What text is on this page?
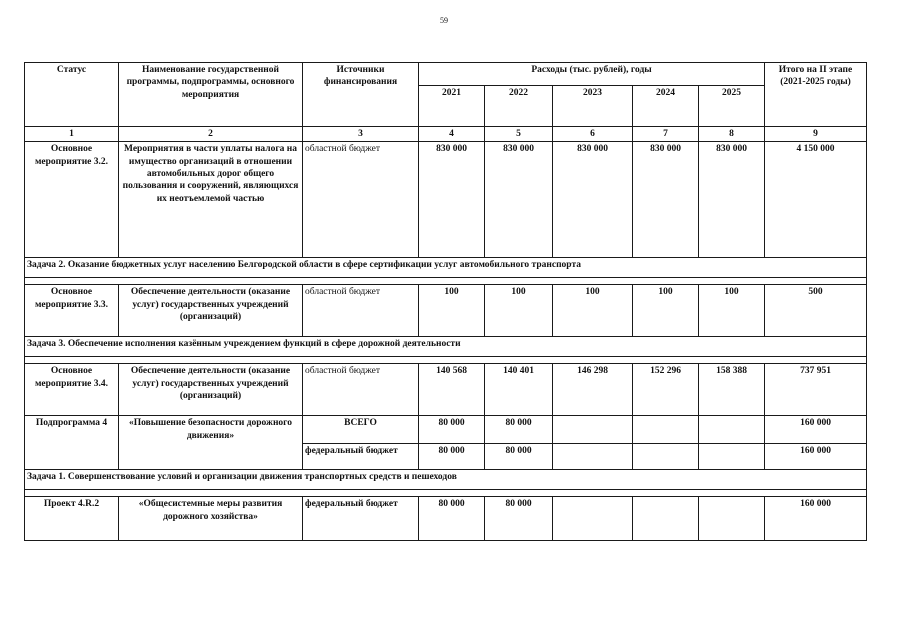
59
Статус	Наименование государственной программы, подпрограммы, основного мероприятия	Источники финансирования	Расходы (тыс. рублей), годы					Итого на II этапе (2021-2025 годы)
			2021	2022	2023	2024	2025	
1	2	3	4	5	6	7	8	9
Основное мероприятие 3.2.	Мероприятия в части уплаты налога на имущество организаций в отношении автомобильных дорог общего пользования и сооружений, являющихся их неотъемлемой частью	областной бюджет	830 000	830 000	830 000	830 000	830 000	4 150 000
Задача 2. Оказание бюджетных услуг населению Белгородской области в сфере сертификации услуг автомобильного транспорта								

Основное мероприятие 3.3.	Обеспечение деятельности (оказание услуг) государственных учреждений (организаций)	областной бюджет	100	100	100	100	100	500
Задача 3. Обеспечение исполнения казённым учреждением функций в сфере дорожной деятельности								

Основное мероприятие 3.4.	Обеспечение деятельности (оказание услуг) государственных учреждений (организаций)	областной бюджет	140 568	140 401	146 298	152 296	158 388	737 951
Подпрограмма 4	«Повышение безопасности дорожного движения»	ВСЕГО	80 000	80 000				160 000
		федеральный бюджет	80 000	80 000				160 000
Задача 1. Совершенствование условий и организации движения транспортных средств и пешеходов								

Проект 4.R.2	«Общесистемные меры развития дорожного хозяйства»	федеральный бюджет	80 000	80 000				160 000
